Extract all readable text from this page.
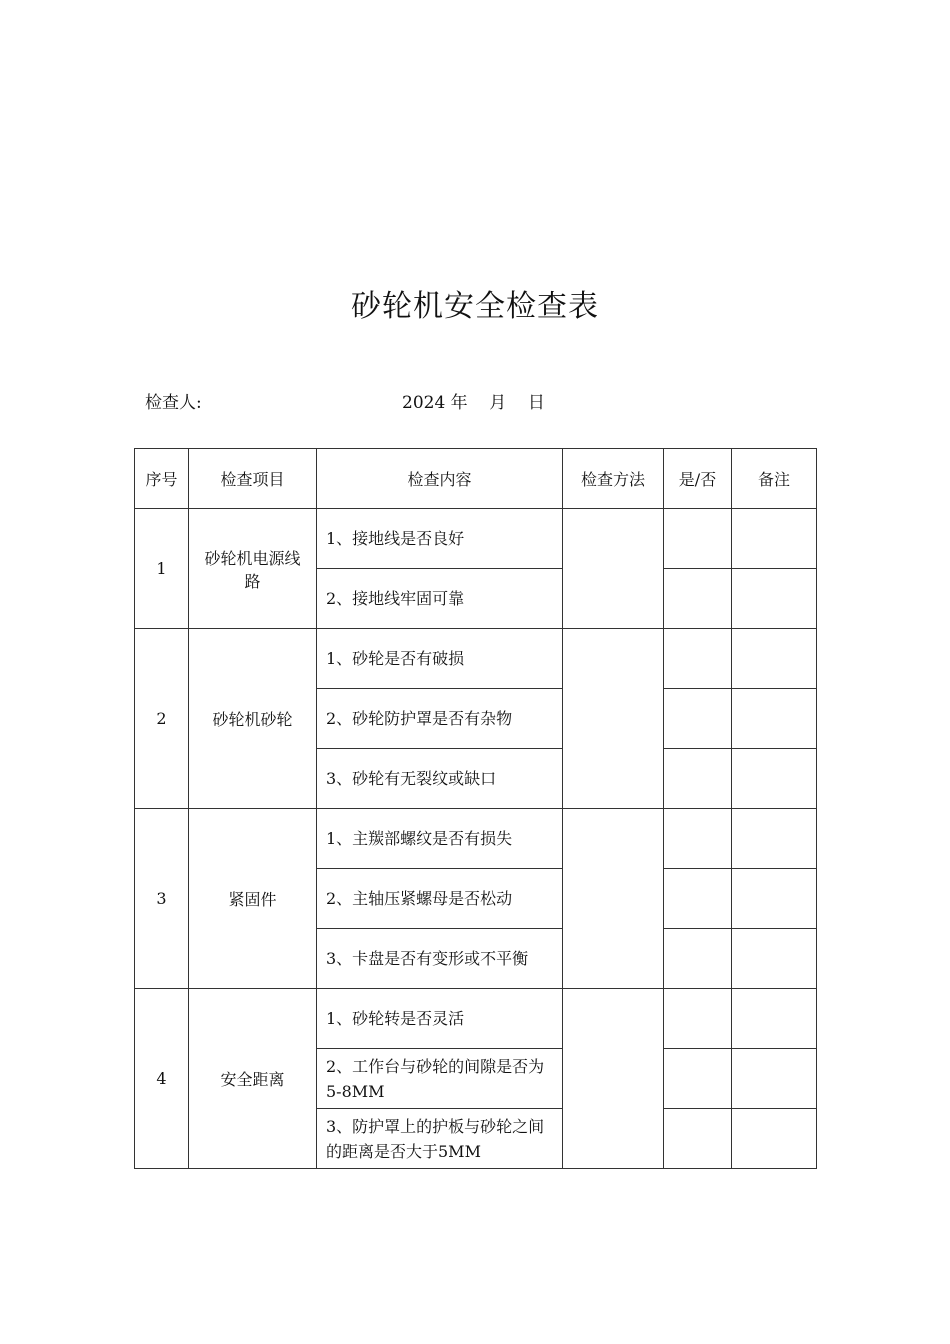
砂轮机安全检查表
检查人:	2024 年    月    日
序号	检查项目	检查内容	检查方法	是/否	备注
1	砂轮机电源线路	1、接地线是否良好			
		2、接地线牢固可靠			
2	砂轮机砂轮	1、砂轮是否有破损			
		2、砂轮防护罩是否有杂物			
		3、砂轮有无裂纹或缺口			
3	紧固件	1、主羰部螺纹是否有损失			
		2、主轴压紧螺母是否松动			
		3、卡盘是否有变形或不平衡			
4	安全距离	1、砂轮转是否灵活			
		2、工作台与砂轮的间隙是否为5-8MM			
		3、防护罩上的护板与砂轮之间的距离是否大于5MM			
